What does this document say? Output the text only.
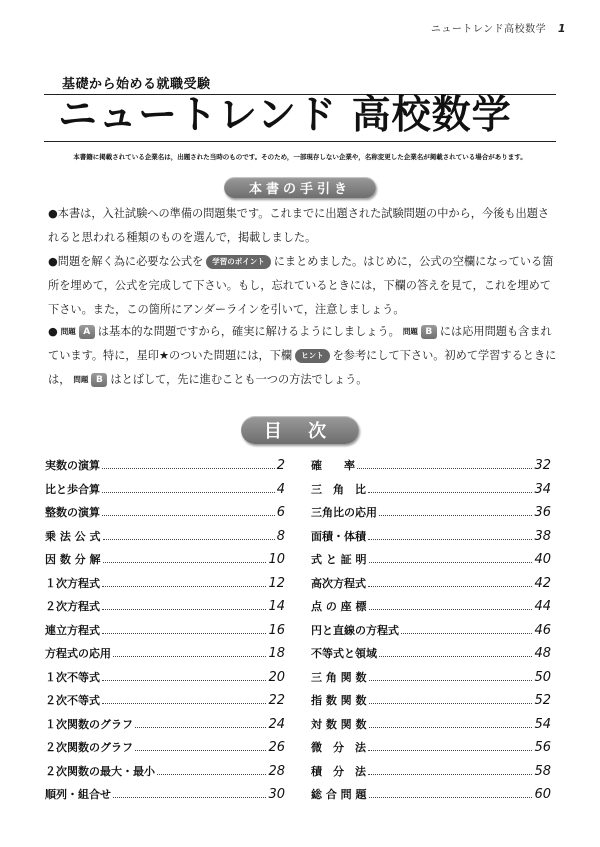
ニュートレンド高校数学 1
基礎から始める就職受験
ニュートレンド 高校数学
本書籍に掲載されている企業名は，出題された当時のものです。そのため，一部現存しない企業や，名称変更した企業名が掲載されている場合があります。
本書の手引き
●本書は，入社試験への準備の問題集です。これまでに出題された試験問題の中から，今後も出題されると思われる種類のものを選んで，掲載しました。
●問題を解く為に必要な公式を 学習のポイント にまとめました。はじめに，公式の空欄になっている箇所を埋めて，公式を完成して下さい。もし，忘れているときには，下欄の答えを見て，これを埋めて下さい。また，この箇所にアンダーラインを引いて，注意しましょう。
● 問題 A は基本的な問題ですから，確実に解けるようにしましょう。 問題 B には応用問題も含まれています。特に，星印★のついた問題には，下欄 ヒント を参考にして下さい。初めて学習するときには， 問題 B はとばして，先に進むことも一つの方法でしょう。
目 次
実数の演算	2
比と歩合算	4
整数の演算	6
乗 法 公 式	8
因 数 分 解	10
１次方程式	12
２次方程式	14
連立方程式	16
方程式の応用	18
１次不等式	20
２次不等式	22
１次関数のグラフ	24
２次関数のグラフ	26
２次関数の最大・最小	28
順列・組合せ	30
確　　率	32
三　角　比	34
三角比の応用	36
面積・体積	38
式 と 証 明	40
高次方程式	42
点 の 座 標	44
円と直線の方程式	46
不等式と領域	48
三 角 関 数	50
指 数 関 数	52
対 数 関 数	54
微　分　法	56
積　分　法	58
総 合 問 題	60
